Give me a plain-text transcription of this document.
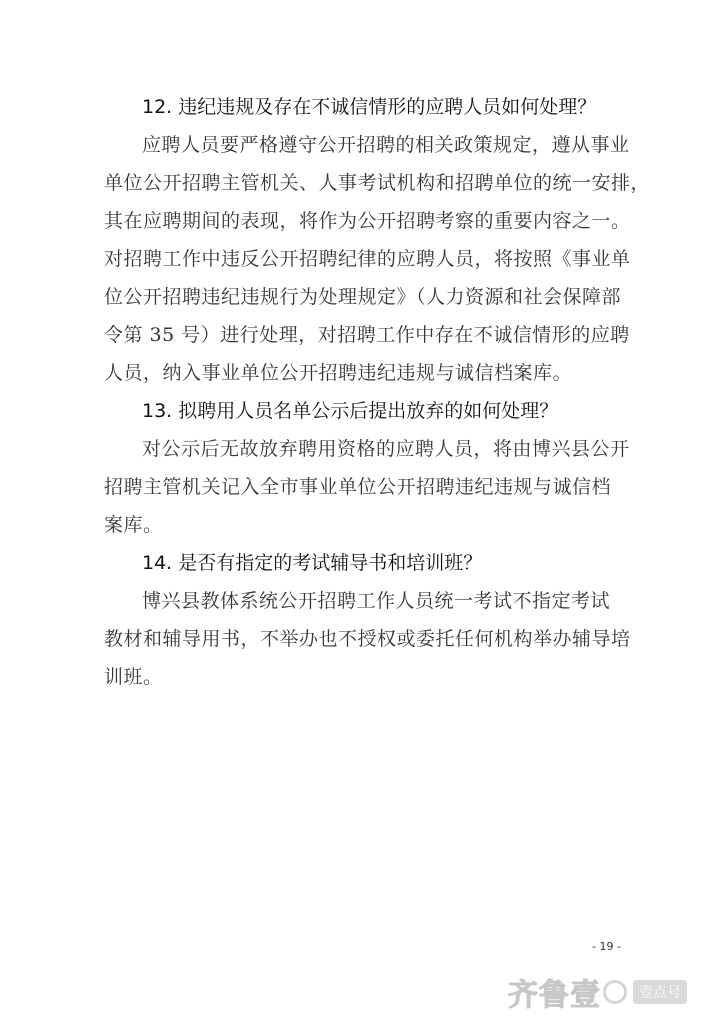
12. 违纪违规及存在不诚信情形的应聘人员如何处理？

应聘人员要严格遵守公开招聘的相关政策规定，遵从事业
单位公开招聘主管机关、人事考试机构和招聘单位的统一安排，
其在应聘期间的表现，将作为公开招聘考察的重要内容之一。
对招聘工作中违反公开招聘纪律的应聘人员，将按照《事业单
位公开招聘违纪违规行为处理规定》（人力资源和社会保障部
令第 35 号）进行处理，对招聘工作中存在不诚信情形的应聘
人员，纳入事业单位公开招聘违纪违规与诚信档案库。

13. 拟聘用人员名单公示后提出放弃的如何处理？

对公示后无故放弃聘用资格的应聘人员，将由博兴县公开
招聘主管机关记入全市事业单位公开招聘违纪违规与诚信档
案库。

14. 是否有指定的考试辅导书和培训班？

博兴县教体系统公开招聘工作人员统一考试不指定考试
教材和辅导用书，不举办也不授权或委托任何机构举办辅导培
训班。

- 19 -
齐鲁壹	壹点号
